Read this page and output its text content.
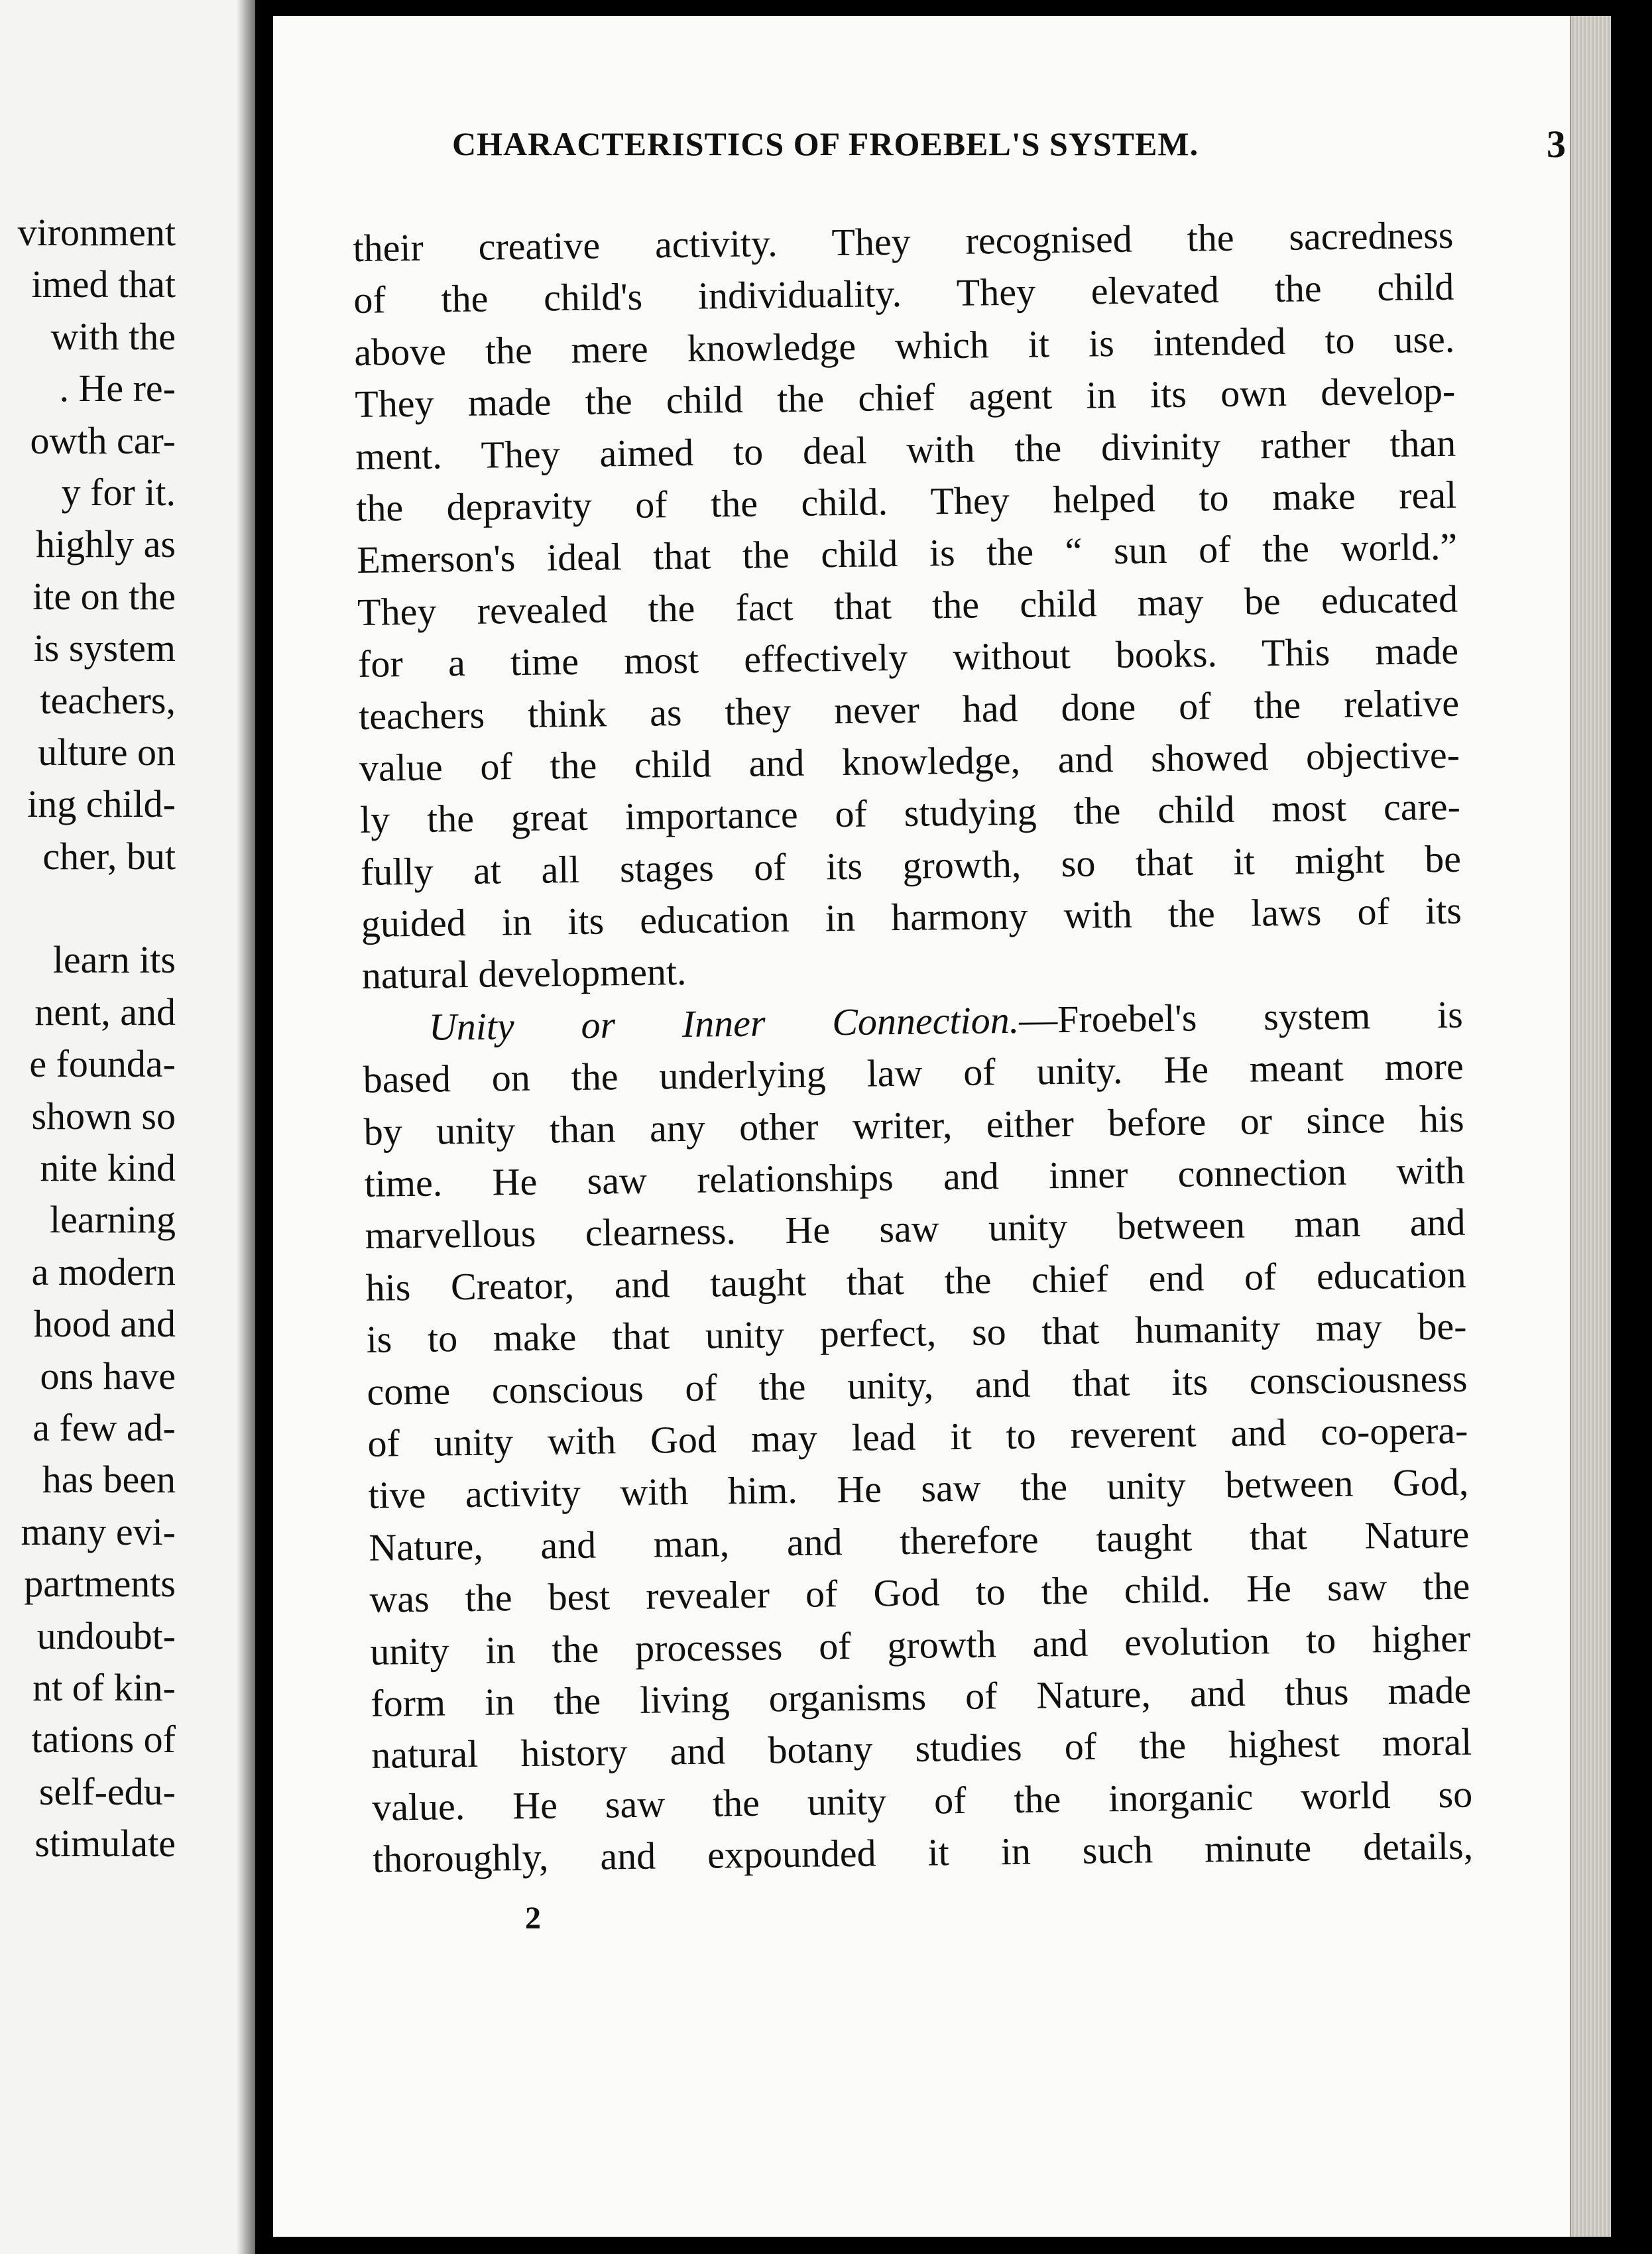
vironment
imed that
with the
. He re-
owth car-
y for it.
highly as
ite on the
is system
teachers,
ulture on
ing child-
cher, but
learn its
nent, and
e founda-
shown so
nite kind
learning
a modern
hood and
ons have
a few ad-
has been
many evi-
partments
undoubt-
nt of kin-
tations of
self-edu-
stimulate
CHARACTERISTICS OF FROEBEL'S SYSTEM.	3
their creative activity. They recognised the sacredness
of the child's individuality. They elevated the child
above the mere knowledge which it is intended to use.
They made the child the chief agent in its own develop-
ment. They aimed to deal with the divinity rather than
the depravity of the child. They helped to make real
Emerson's ideal that the child is the “ sun of the world.”
They revealed the fact that the child may be educated
for a time most effectively without books. This made
teachers think as they never had done of the relative
value of the child and knowledge, and showed objective-
ly the great importance of studying the child most care-
fully at all stages of its growth, so that it might be
guided in its education in harmony with the laws of its
natural development.
Unity or Inner Connection.—Froebel's system is
based on the underlying law of unity. He meant more
by unity than any other writer, either before or since his
time. He saw relationships and inner connection with
marvellous clearness. He saw unity between man and
his Creator, and taught that the chief end of education
is to make that unity perfect, so that humanity may be-
come conscious of the unity, and that its consciousness
of unity with God may lead it to reverent and co-opera-
tive activity with him. He saw the unity between God,
Nature, and man, and therefore taught that Nature
was the best revealer of God to the child. He saw the
unity in the processes of growth and evolution to higher
form in the living organisms of Nature, and thus made
natural history and botany studies of the highest moral
value. He saw the unity of the inorganic world so
thoroughly, and expounded it in such minute details,
2
